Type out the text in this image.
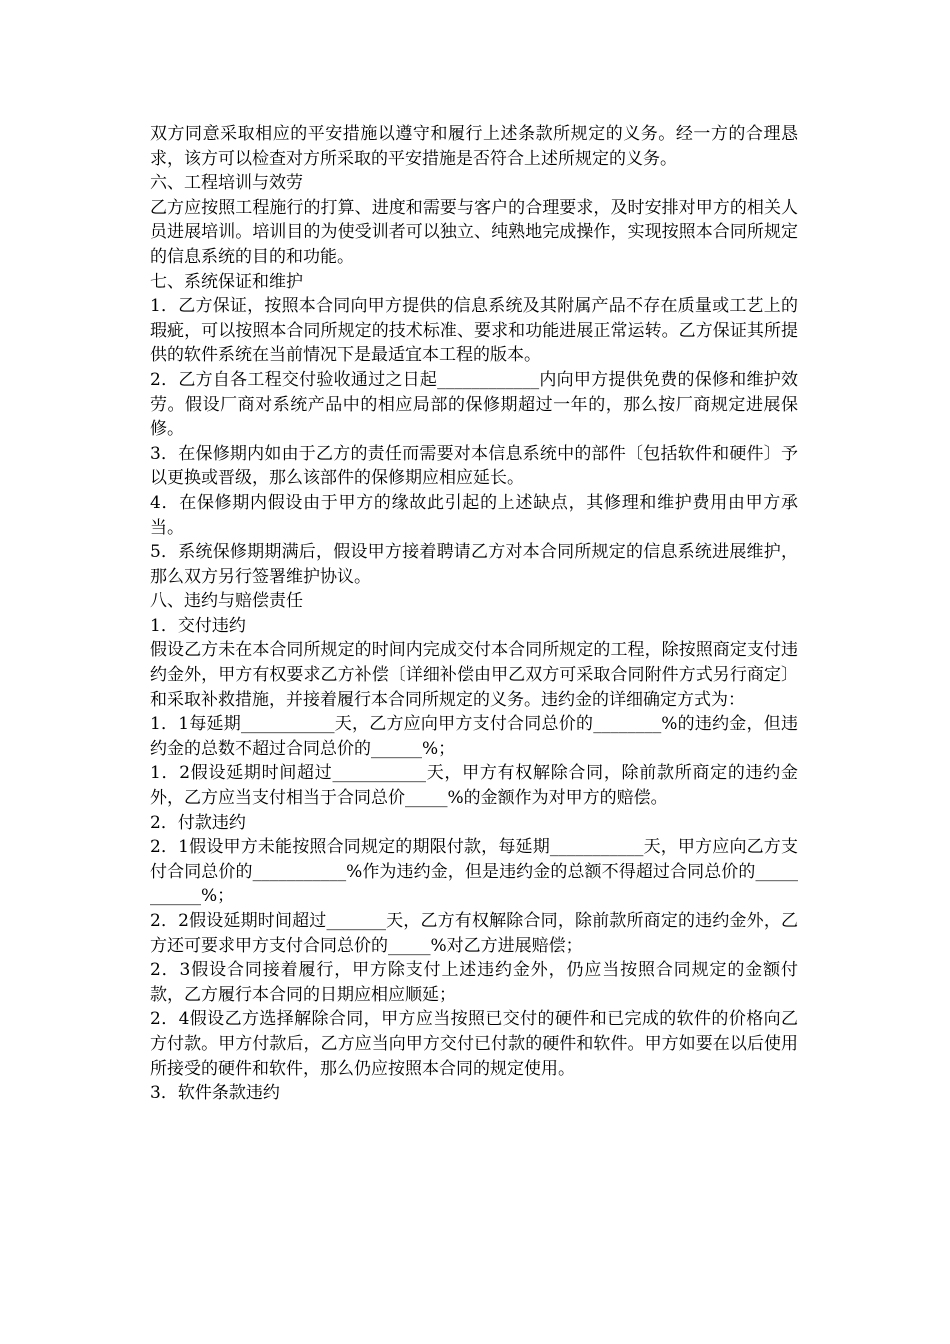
双方同意采取相应的平安措施以遵守和履行上述条款所规定的义务。经一方的合理恳求，该方可以检查对方所采取的平安措施是否符合上述所规定的义务。

六、工程培训与效劳

乙方应按照工程施行的打算、进度和需要与客户的合理要求，及时安排对甲方的相关人员进展培训。培训目的为使受训者可以独立、纯熟地完成操作，实现按照本合同所规定的信息系统的目的和功能。

七、系统保证和维护

1．乙方保证，按照本合同向甲方提供的信息系统及其附属产品不存在质量或工艺上的瑕疵，可以按照本合同所规定的技术标准、要求和功能进展正常运转。乙方保证其所提供的软件系统在当前情况下是最适宜本工程的版本。

2．乙方自各工程交付验收通过之日起____________内向甲方提供免费的保修和维护效劳。假设厂商对系统产品中的相应局部的保修期超过一年的，那么按厂商规定进展保修。

3．在保修期内如由于乙方的责任而需要对本信息系统中的部件〔包括软件和硬件〕予以更换或晋级，那么该部件的保修期应相应延长。

4．在保修期内假设由于甲方的缘故此引起的上述缺点，其修理和维护费用由甲方承当。

5．系统保修期期满后，假设甲方接着聘请乙方对本合同所规定的信息系统进展维护，那么双方另行签署维护协议。

八、违约与赔偿责任

1．交付违约

假设乙方未在本合同所规定的时间内完成交付本合同所规定的工程，除按照商定支付违约金外，甲方有权要求乙方补偿〔详细补偿由甲乙双方可采取合同附件方式另行商定〕和采取补救措施，并接着履行本合同所规定的义务。违约金的详细确定方式为：

1．1每延期___________天，乙方应向甲方支付合同总价的________%的违约金，但违约金的总数不超过合同总价的______%；

1．2假设延期时间超过___________天，甲方有权解除合同，除前款所商定的违约金外，乙方应当支付相当于合同总价_____%的金额作为对甲方的赔偿。

2．付款违约

2．1假设甲方未能按照合同规定的期限付款，每延期___________天，甲方应向乙方支付合同总价的___________%作为违约金，但是违约金的总额不得超过合同总价的___________%；

2．2假设延期时间超过_______天，乙方有权解除合同，除前款所商定的违约金外，乙方还可要求甲方支付合同总价的_____%对乙方进展赔偿；

2．3假设合同接着履行，甲方除支付上述违约金外，仍应当按照合同规定的金额付款，乙方履行本合同的日期应相应顺延；

2．4假设乙方选择解除合同，甲方应当按照已交付的硬件和已完成的软件的价格向乙方付款。甲方付款后，乙方应当向甲方交付已付款的硬件和软件。甲方如要在以后使用所接受的硬件和软件，那么仍应按照本合同的规定使用。

3．软件条款违约
